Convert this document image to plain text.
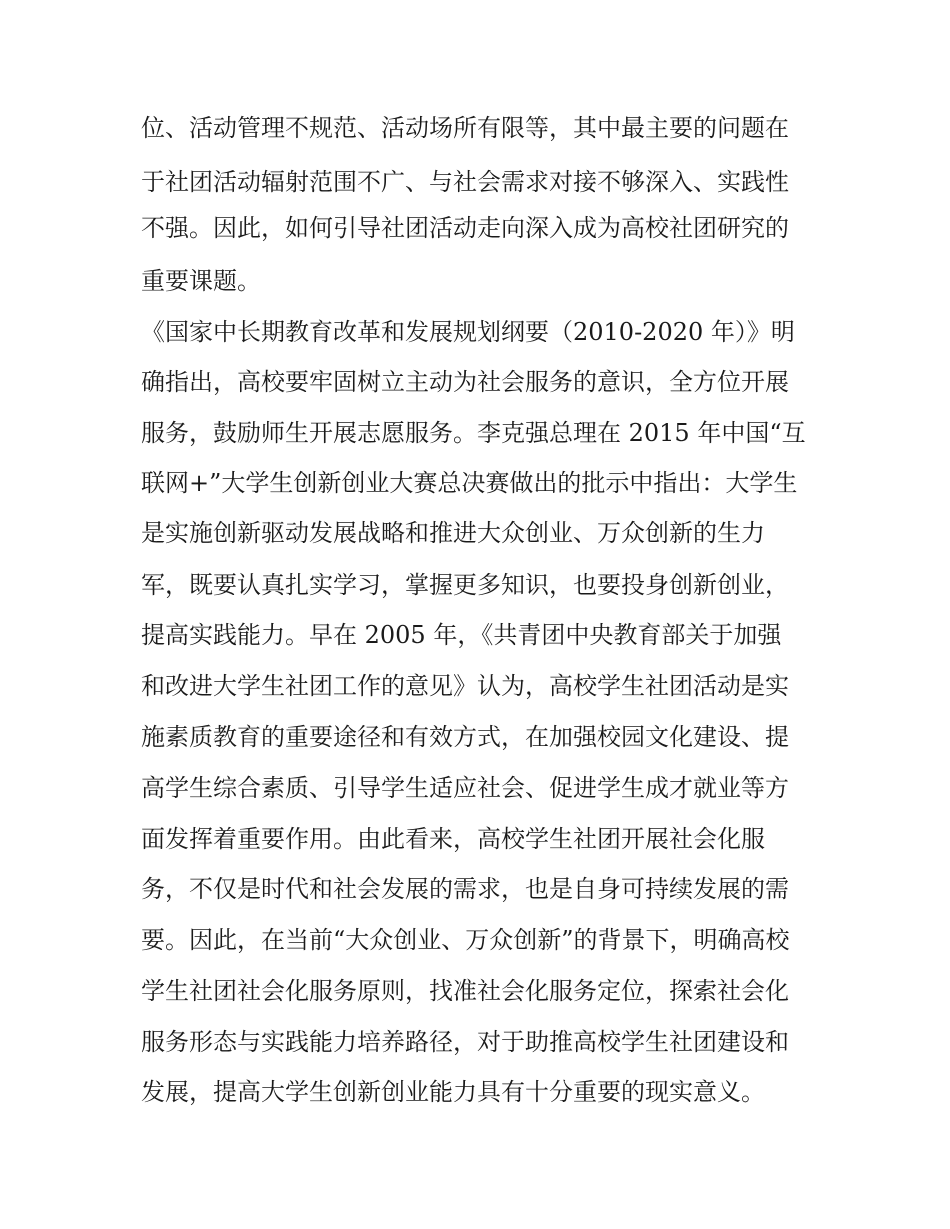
位、活动管理不规范、活动场所有限等，其中最主要的问题在
于社团活动辐射范围不广、与社会需求对接不够深入、实践性
不强。因此，如何引导社团活动走向深入成为高校社团研究的
重要课题。
《国家中长期教育改革和发展规划纲要（2010-2020 年）》明
确指出，高校要牢固树立主动为社会服务的意识，全方位开展
服务，鼓励师生开展志愿服务。李克强总理在 2015 年中国“互
联网+”大学生创新创业大赛总决赛做出的批示中指出：大学生
是实施创新驱动发展战略和推进大众创业、万众创新的生力
军，既要认真扎实学习，掌握更多知识，也要投身创新创业，
提高实践能力。早在 2005 年，《共青团中央教育部关于加强
和改进大学生社团工作的意见》认为，高校学生社团活动是实
施素质教育的重要途径和有效方式，在加强校园文化建设、提
高学生综合素质、引导学生适应社会、促进学生成才就业等方
面发挥着重要作用。由此看来，高校学生社团开展社会化服
务，不仅是时代和社会发展的需求，也是自身可持续发展的需
要。因此，在当前“大众创业、万众创新”的背景下，明确高校
学生社团社会化服务原则，找准社会化服务定位，探索社会化
服务形态与实践能力培养路径，对于助推高校学生社团建设和
发展，提高大学生创新创业能力具有十分重要的现实意义。
